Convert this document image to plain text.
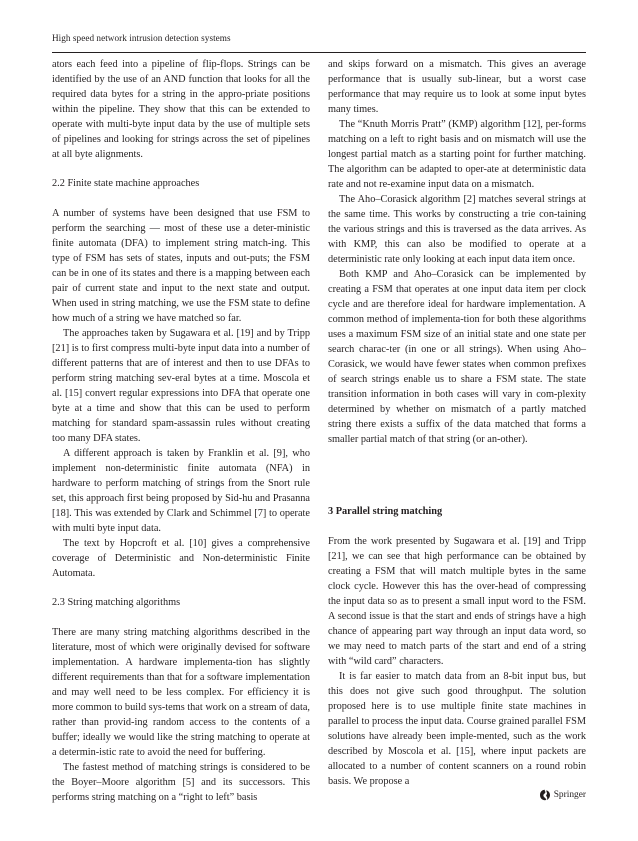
High speed network intrusion detection systems

ators each feed into a pipeline of flip-flops. Strings can be identified by the use of an AND function that looks for all the required data bytes for a string in the appro-priate positions within the pipeline. They show that this can be extended to operate with multi-byte input data by the use of multiple sets of pipelines and looking for strings across the set of pipelines at all byte alignments.

2.2 Finite state machine approaches

A number of systems have been designed that use FSM to perform the searching — most of these use a deter-ministic finite automata (DFA) to implement string match-ing. This type of FSM has sets of states, inputs and out-puts; the FSM can be in one of its states and there is a mapping between each pair of current state and input to the next state and output. When used in string matching, we use the FSM state to define how much of a string we have matched so far.

The approaches taken by Sugawara et al. [19] and by Tripp [21] is to first compress multi-byte input data into a number of different patterns that are of interest and then to use DFAs to perform string matching sev-eral bytes at a time. Moscola et al. [15] convert regular expressions into DFA that operate one byte at a time and show that this can be used to perform matching for standard spam-assassin rules without creating too many DFA states.

A different approach is taken by Franklin et al. [9], who implement non-deterministic finite automata (NFA) in hardware to perform matching of strings from the Snort rule set, this approach first being proposed by Sid-hu and Prasanna [18]. This was extended by Clark and Schimmel [7] to operate with multi byte input data.

The text by Hopcroft et al. [10] gives a comprehensive coverage of Deterministic and Non-deterministic Finite Automata.

2.3 String matching algorithms

There are many string matching algorithms described in the literature, most of which were originally devised for software implementation. A hardware implementa-tion has slightly different requirements than that for a software implementation and may well need to be less complex. For efficiency it is more common to build sys-tems that work on a stream of data, rather than provid-ing random access to the contents of a buffer; ideally we would like the string matching to operate at a determin-istic rate to avoid the need for buffering.

The fastest method of matching strings is considered to be the Boyer–Moore algorithm [5] and its successors. This performs string matching on a “right to left” basis

and skips forward on a mismatch. This gives an average performance that is usually sub-linear, but a worst case performance that may require us to look at some input bytes many times.

The “Knuth Morris Pratt” (KMP) algorithm [12], per-forms matching on a left to right basis and on mismatch will use the longest partial match as a starting point for further matching. The algorithm can be adapted to oper-ate at deterministic data rate and not re-examine input data on a mismatch.

The Aho–Corasick algorithm [2] matches several strings at the same time. This works by constructing a trie con-taining the various strings and this is traversed as the data arrives. As with KMP, this can also be modified to operate at a deterministic rate only looking at each input data item once.

Both KMP and Aho–Corasick can be implemented by creating a FSM that operates at one input data item per clock cycle and are therefore ideal for hardware implementation. A common method of implementa-tion for both these algorithms uses a maximum FSM size of an initial state and one state per search charac-ter (in one or all strings). When using Aho–Corasick, we would have fewer states when common prefixes of search strings enable us to share a FSM state. The state transition information in both cases will vary in com-plexity determined by whether on mismatch of a partly matched string there exists a suffix of the data matched that forms a smaller partial match of that string (or an-other).

3 Parallel string matching

From the work presented by Sugawara et al. [19] and Tripp [21], we can see that high performance can be obtained by creating a FSM that will match multiple bytes in the same clock cycle. However this has the over-head of compressing the input data so as to present a small input word to the FSM. A second issue is that the start and ends of strings have a high chance of appearing part way through an input data word, so we may need to match parts of the start and end of a string with “wild card” characters.

It is far easier to match data from an 8-bit input bus, but this does not give such good throughput. The solution proposed here is to use multiple finite state machines in parallel to process the input data. Course grained parallel FSM solutions have already been imple-mented, such as the work described by Moscola et al. [15], where input packets are allocated to a number of content scanners on a round robin basis. We propose a

Springer
